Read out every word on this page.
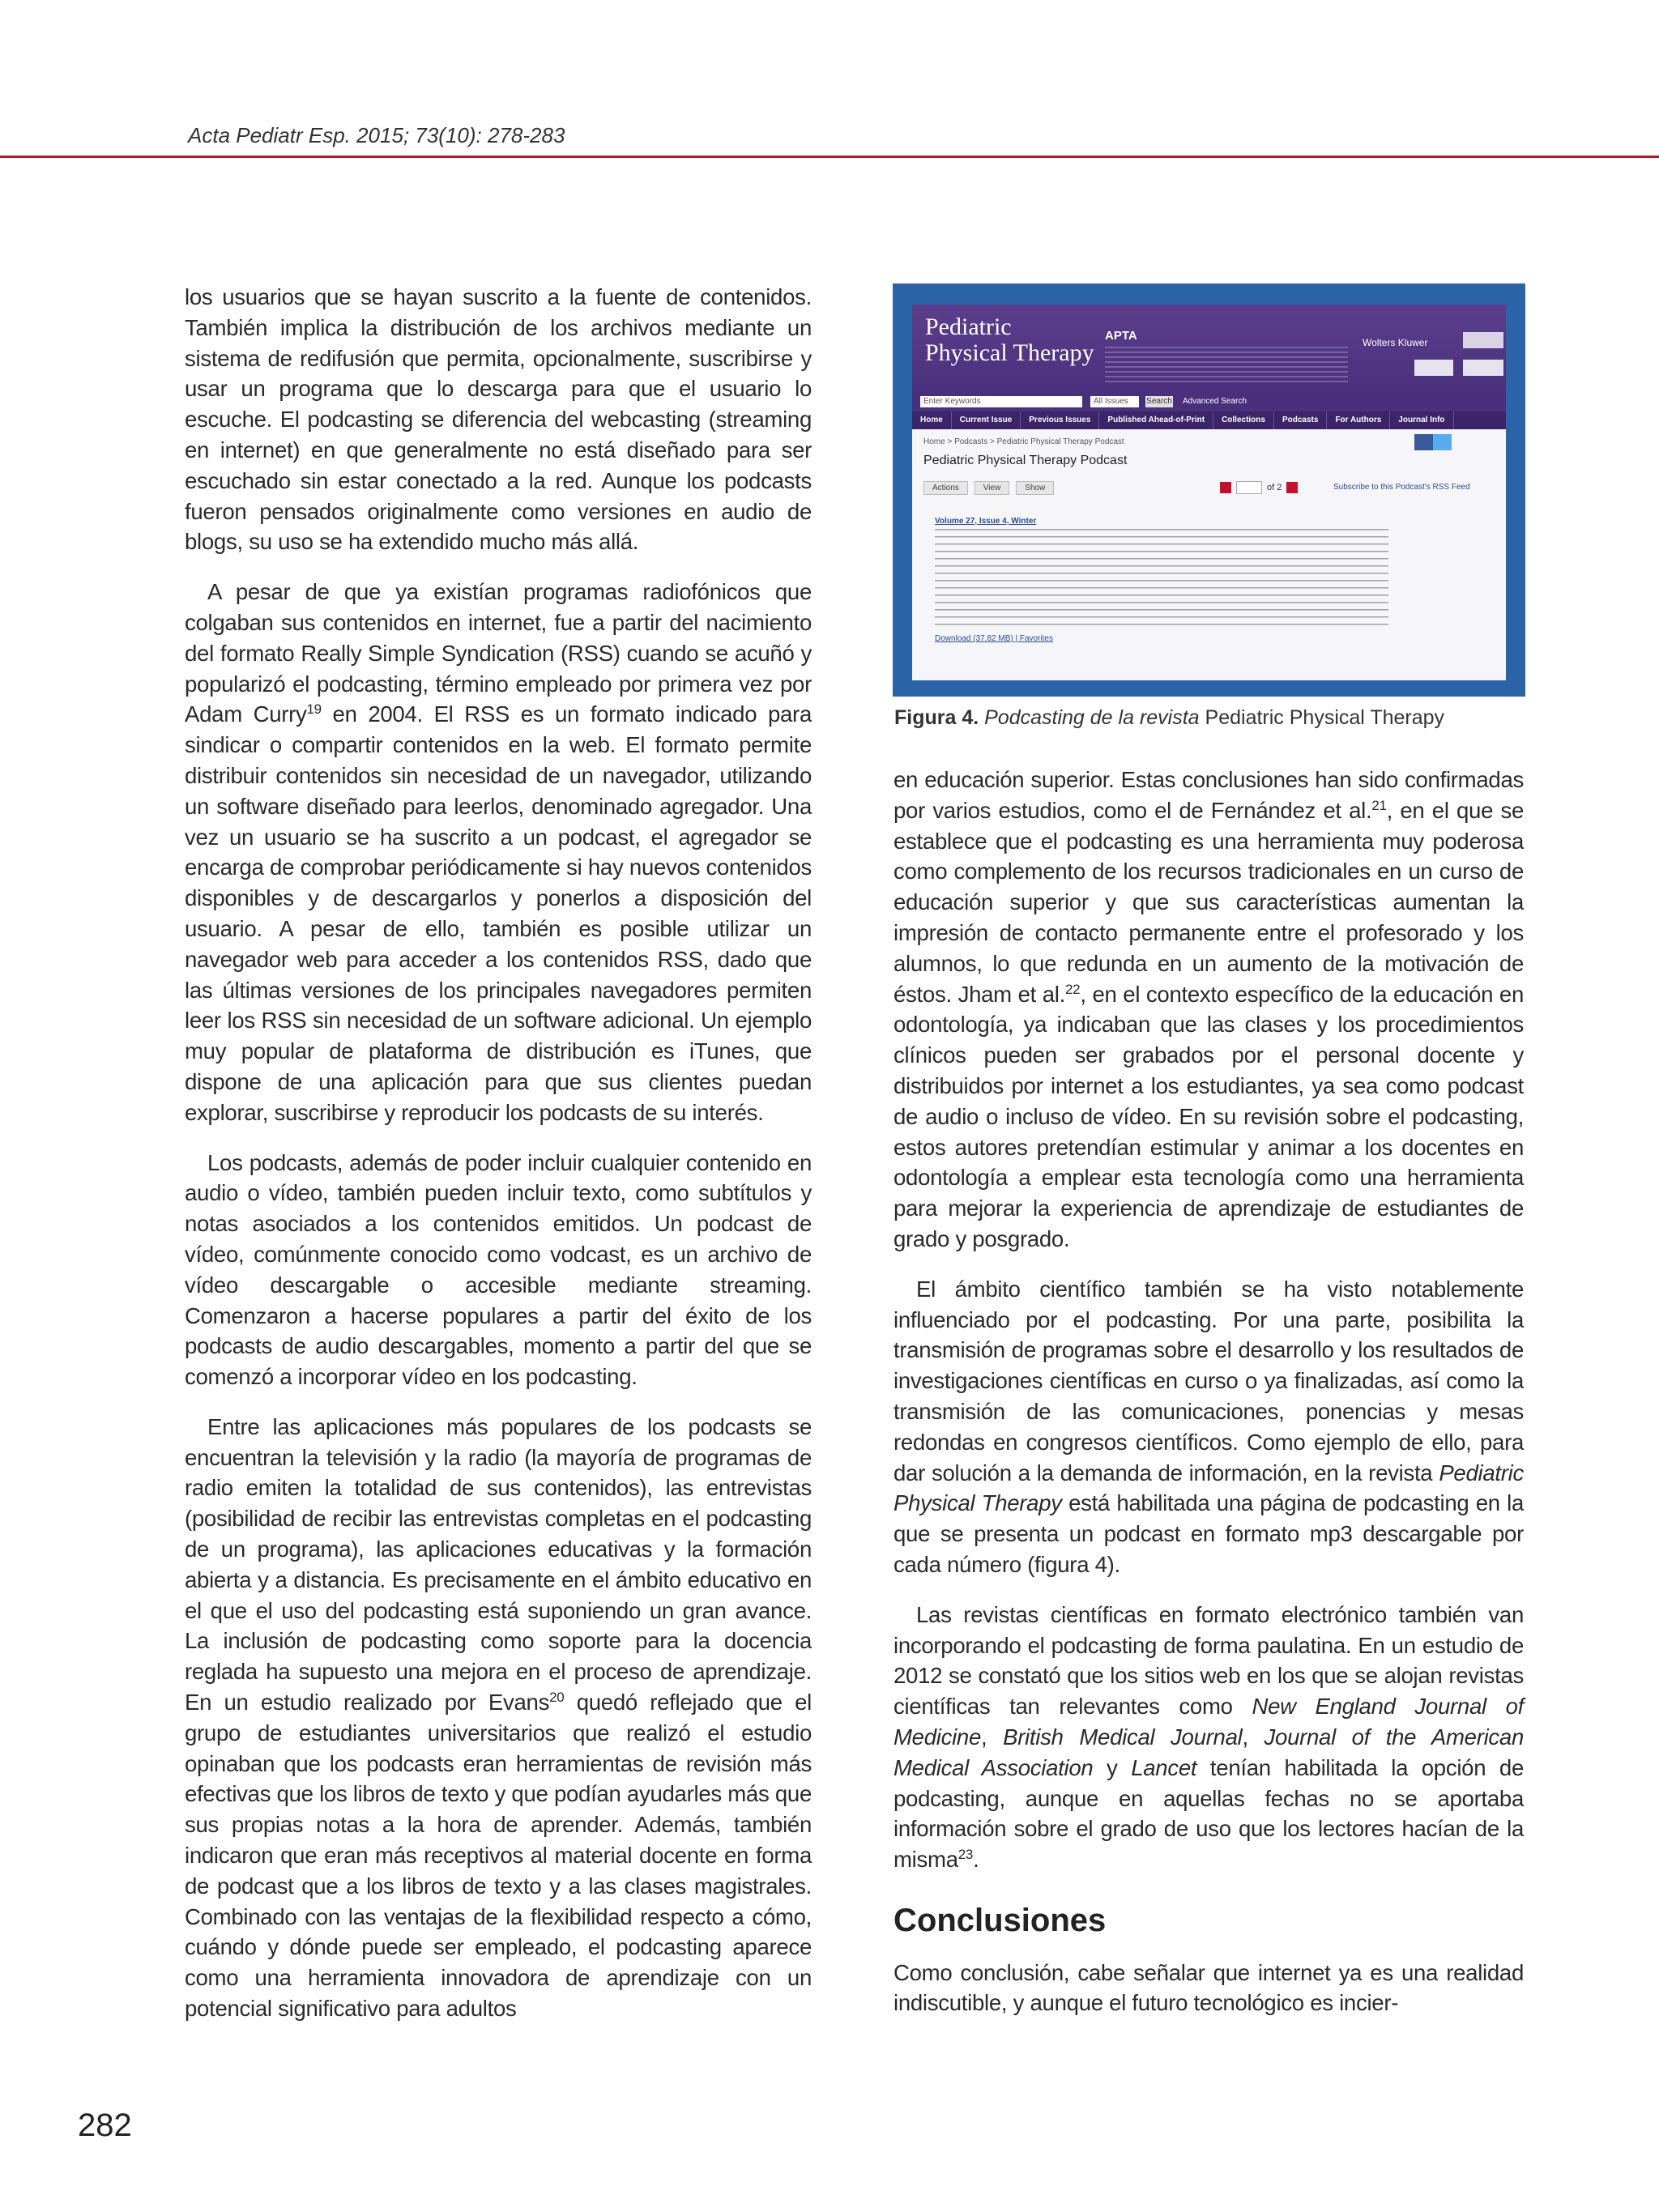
Acta Pediatr Esp. 2015; 73(10): 278-283

los usuarios que se hayan suscrito a la fuente de contenidos. También implica la distribución de los archivos mediante un sistema de redifusión que permita, opcionalmente, suscribirse y usar un programa que lo descarga para que el usuario lo escuche. El podcasting se diferencia del webcasting (streaming en internet) en que generalmente no está diseñado para ser escuchado sin estar conectado a la red. Aunque los podcasts fueron pensados originalmente como versiones en audio de blogs, su uso se ha extendido mucho más allá.

A pesar de que ya existían programas radiofónicos que colgaban sus contenidos en internet, fue a partir del nacimiento del formato Really Simple Syndication (RSS) cuando se acuñó y popularizó el podcasting, término empleado por primera vez por Adam Curry$^{19}$ en 2004. El RSS es un formato indicado para sindicar o compartir contenidos en la web. El formato permite distribuir contenidos sin necesidad de un navegador, utilizando un software diseñado para leerlos, denominado agregador. Una vez un usuario se ha suscrito a un podcast, el agregador se encarga de comprobar periódicamente si hay nuevos contenidos disponibles y de descargarlos y ponerlos a disposición del usuario. A pesar de ello, también es posible utilizar un navegador web para acceder a los contenidos RSS, dado que las últimas versiones de los principales navegadores permiten leer los RSS sin necesidad de un software adicional. Un ejemplo muy popular de plataforma de distribución es iTunes, que dispone de una aplicación para que sus clientes puedan explorar, suscribirse y reproducir los podcasts de su interés.

Los podcasts, además de poder incluir cualquier contenido en audio o vídeo, también pueden incluir texto, como subtítulos y notas asociados a los contenidos emitidos. Un podcast de vídeo, comúnmente conocido como vodcast, es un archivo de vídeo descargable o accesible mediante streaming. Comenzaron a hacerse populares a partir del éxito de los podcasts de audio descargables, momento a partir del que se comenzó a incorporar vídeo en los podcasting.

Entre las aplicaciones más populares de los podcasts se encuentran la televisión y la radio (la mayoría de programas de radio emiten la totalidad de sus contenidos), las entrevistas (posibilidad de recibir las entrevistas completas en el podcasting de un programa), las aplicaciones educativas y la formación abierta y a distancia. Es precisamente en el ámbito educativo en el que el uso del podcasting está suponiendo un gran avance. La inclusión de podcasting como soporte para la docencia reglada ha supuesto una mejora en el proceso de aprendizaje. En un estudio realizado por Evans$^{20}$ quedó reflejado que el grupo de estudiantes universitarios que realizó el estudio opinaban que los podcasts eran herramientas de revisión más efectivas que los libros de texto y que podían ayudarles más que sus propias notas a la hora de aprender. Además, también indicaron que eran más receptivos al material docente en forma de podcast que a los libros de texto y a las clases magistrales. Combinado con las ventajas de la flexibilidad respecto a cómo, cuándo y dónde puede ser empleado, el podcasting aparece como una herramienta innovadora de aprendizaje con un potencial significativo para adultos

Pediatric
Physical Therapy
APTA	Wolters Kluwer
Enter Keywords	All Issues	Search Advanced Search
Home	Current Issue	Previous Issues	Published Ahead-of-Print	Collections	Podcasts	For Authors	Journal Info
Home > Podcasts > Pediatric Physical Therapy Podcast
Pediatric Physical Therapy Podcast
Actions	View	Show	of 2	Subscribe to this Podcast's RSS Feed
Volume 27, Issue 4, Winter
Download (37.82 MB) | Favorites
Figura 4. Podcasting de la revista Pediatric Physical Therapy

en educación superior. Estas conclusiones han sido confirmadas por varios estudios, como el de Fernández et al.$^{21}$, en el que se establece que el podcasting es una herramienta muy poderosa como complemento de los recursos tradicionales en un curso de educación superior y que sus características aumentan la impresión de contacto permanente entre el profesorado y los alumnos, lo que redunda en un aumento de la motivación de éstos. Jham et al.$^{22}$, en el contexto específico de la educación en odontología, ya indicaban que las clases y los procedimientos clínicos pueden ser grabados por el personal docente y distribuidos por internet a los estudiantes, ya sea como podcast de audio o incluso de vídeo. En su revisión sobre el podcasting, estos autores pretendían estimular y animar a los docentes en odontología a emplear esta tecnología como una herramienta para mejorar la experiencia de aprendizaje de estudiantes de grado y posgrado.

El ámbito científico también se ha visto notablemente influenciado por el podcasting. Por una parte, posibilita la transmisión de programas sobre el desarrollo y los resultados de investigaciones científicas en curso o ya finalizadas, así como la transmisión de las comunicaciones, ponencias y mesas redondas en congresos científicos. Como ejemplo de ello, para dar solución a la demanda de información, en la revista Pediatric Physical Therapy está habilitada una página de podcasting en la que se presenta un podcast en formato mp3 descargable por cada número (figura 4).

Las revistas científicas en formato electrónico también van incorporando el podcasting de forma paulatina. En un estudio de 2012 se constató que los sitios web en los que se alojan revistas científicas tan relevantes como New England Journal of Medicine, British Medical Journal, Journal of the American Medical Association y Lancet tenían habilitada la opción de podcasting, aunque en aquellas fechas no se aportaba información sobre el grado de uso que los lectores hacían de la misma$^{23}$.

Conclusiones

Como conclusión, cabe señalar que internet ya es una realidad indiscutible, y aunque el futuro tecnológico es incier-

282
